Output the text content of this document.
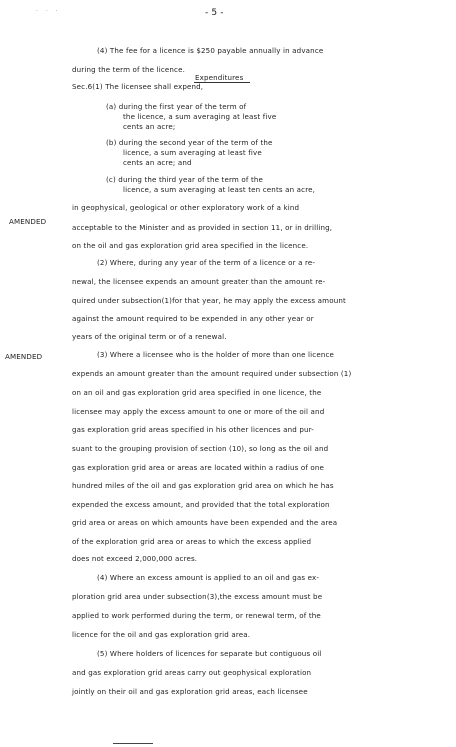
· · ·	- 5 -
(4) The fee for a licence is $250 payable annually in advance
during the term of the licence.
Expenditures
Sec.6(1) The licensee shall expend,
(a) during the first year of the term of
the licence, a sum averaging at least five
cents an acre;
(b) during the second year of the term of the
licence, a sum averaging at least five
cents an acre; and
(c) during the third year of the term of the
licence, a sum averaging at least ten cents an acre,
in geophysical, geological or other exploratory work of a kind
AMENDED
acceptable to the Minister and as provided in section 11, or in drilling,
on the oil and gas exploration grid area specified in the licence.
(2) Where, during any year of the term of a licence or a re-
newal, the licensee expends an amount greater than the amount re-
quired under subsection(1)for that year, he may apply the excess amount
against the amount required to be expended in any other year or
years of the original term or of a renewal.
AMENDED	(3) Where a licensee who is the holder of more than one licence
expends an amount greater than the amount required under subsection (1)
on an oil and gas exploration grid area specified in one licence, the
licensee may apply the excess amount to one or more of the oil and
gas exploration grid areas specified in his other licences and pur-
suant to the grouping provision of section (10), so long as the oil and
gas exploration grid area or areas are located within a radius of one
hundred miles of the oil and gas exploration grid area on which he has
expended the excess amount, and provided that the total exploration
grid area or areas on which amounts have been expended and the area
of the exploration grid area or areas to which the excess applied
does not exceed 2,000,000 acres.
(4) Where an excess amount is applied to an oil and gas ex-
ploration grid area under subsection(3),the excess amount must be
applied to work performed during the term, or renewal term, of the
licence for the oil and gas exploration grid area.
(5) Where holders of licences for separate but contiguous oil
and gas exploration grid areas carry out geophysical exploration
jointly on their oil and gas exploration grid areas, each licensee
